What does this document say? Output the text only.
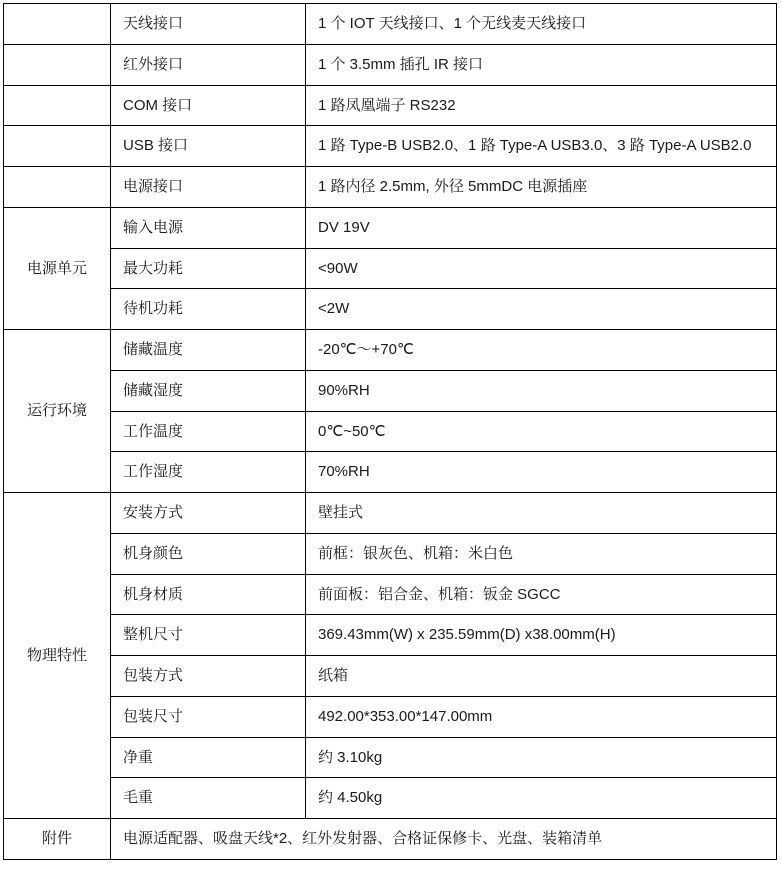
	天线接口	1 个 IOT 天线接口、1 个无线麦天线接口
	红外接口	1 个 3.5mm 插孔 IR 接口
	COM 接口	1 路凤凰端子 RS232
	USB 接口	1 路 Type-B USB2.0、1 路 Type-A USB3.0、3 路 Type-A USB2.0
	电源接口	1 路内径 2.5mm, 外径 5mmDC 电源插座
电源单元	输入电源	DV 19V
	最大功耗	<90W
	待机功耗	<2W
运行环境	储藏温度	-20℃～+70℃
	储藏湿度	90%RH
	工作温度	0℃~50℃
	工作湿度	70%RH
物理特性	安装方式	壁挂式
	机身颜色	前框：银灰色、机箱：米白色
	机身材质	前面板：铝合金、机箱：钣金 SGCC
	整机尺寸	369.43mm(W) x 235.59mm(D) x38.00mm(H)
	包装方式	纸箱
	包装尺寸	492.00*353.00*147.00mm
	净重	约 3.10kg
	毛重	约 4.50kg
附件	电源适配器、吸盘天线*2、红外发射器、合格证保修卡、光盘、装箱清单	
